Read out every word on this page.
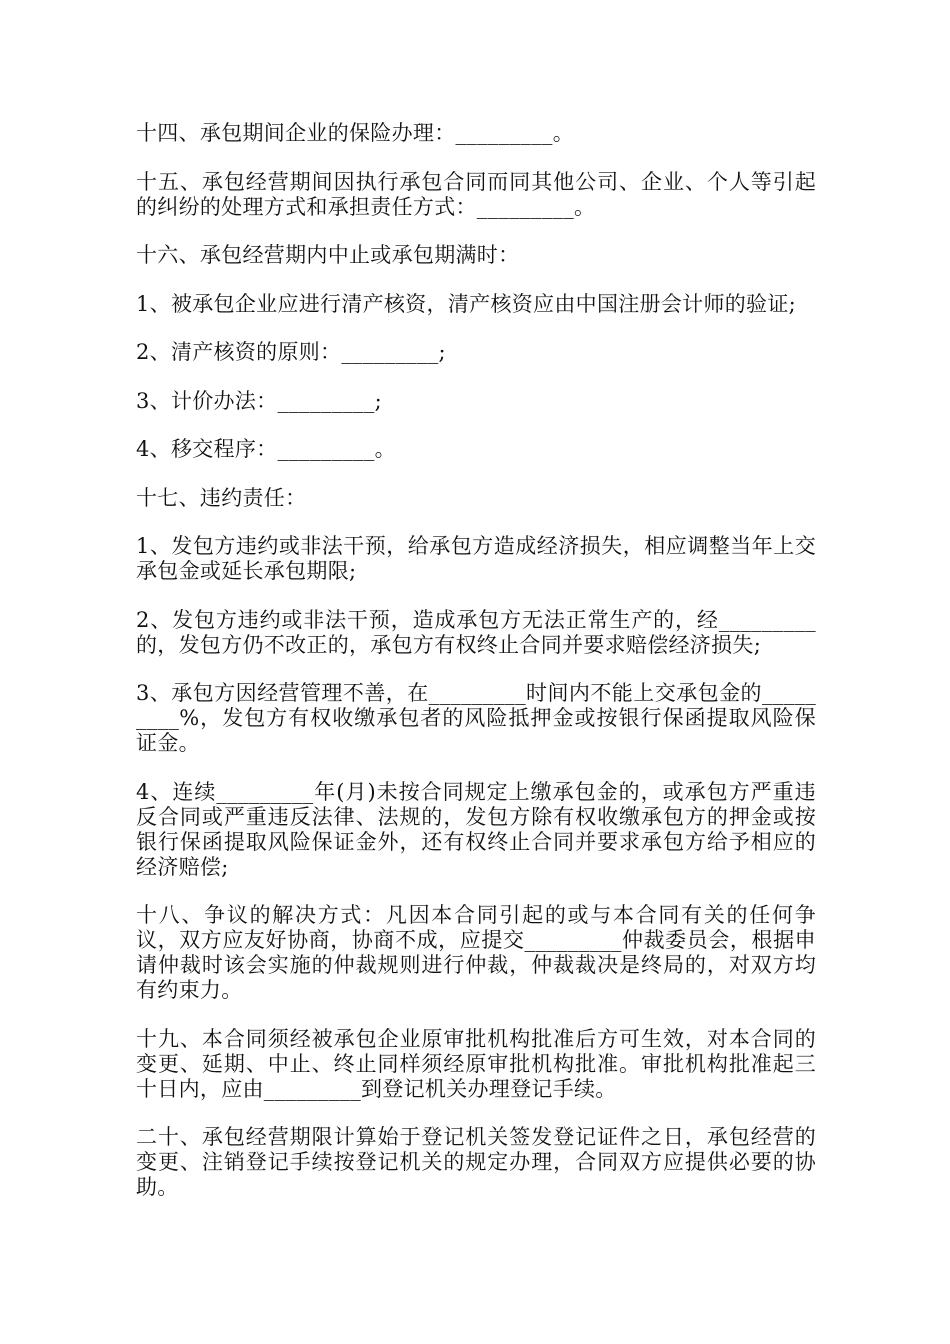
十四、承包期间企业的保险办理：_________。

十五、承包经营期间因执行承包合同而同其他公司、企业、个人等引起的纠纷的处理方式和承担责任方式：_________。

十六、承包经营期内中止或承包期满时：

1、被承包企业应进行清产核资，清产核资应由中国注册会计师的验证;

2、清产核资的原则：_________;

3、计价办法：_________;

4、移交程序：_________。

十七、违约责任：

1、发包方违约或非法干预，给承包方造成经济损失，相应调整当年上交承包金或延长承包期限;

2、发包方违约或非法干预，造成承包方无法正常生产的，经_________的，发包方仍不改正的，承包方有权终止合同并要求赔偿经济损失;

3、承包方因经营管理不善，在_________时间内不能上交承包金的_________%，发包方有权收缴承包者的风险抵押金或按银行保函提取风险保证金。

4、连续_________年(月)未按合同规定上缴承包金的，或承包方严重违反合同或严重违反法律、法规的，发包方除有权收缴承包方的押金或按银行保函提取风险保证金外，还有权终止合同并要求承包方给予相应的经济赔偿;

十八、争议的解决方式：凡因本合同引起的或与本合同有关的任何争议，双方应友好协商，协商不成，应提交_________仲裁委员会，根据申请仲裁时该会实施的仲裁规则进行仲裁，仲裁裁决是终局的，对双方均有约束力。

十九、本合同须经被承包企业原审批机构批准后方可生效，对本合同的变更、延期、中止、终止同样须经原审批机构批准。审批机构批准起三十日内，应由_________到登记机关办理登记手续。

二十、承包经营期限计算始于登记机关签发登记证件之日，承包经营的变更、注销登记手续按登记机关的规定办理，合同双方应提供必要的协助。
